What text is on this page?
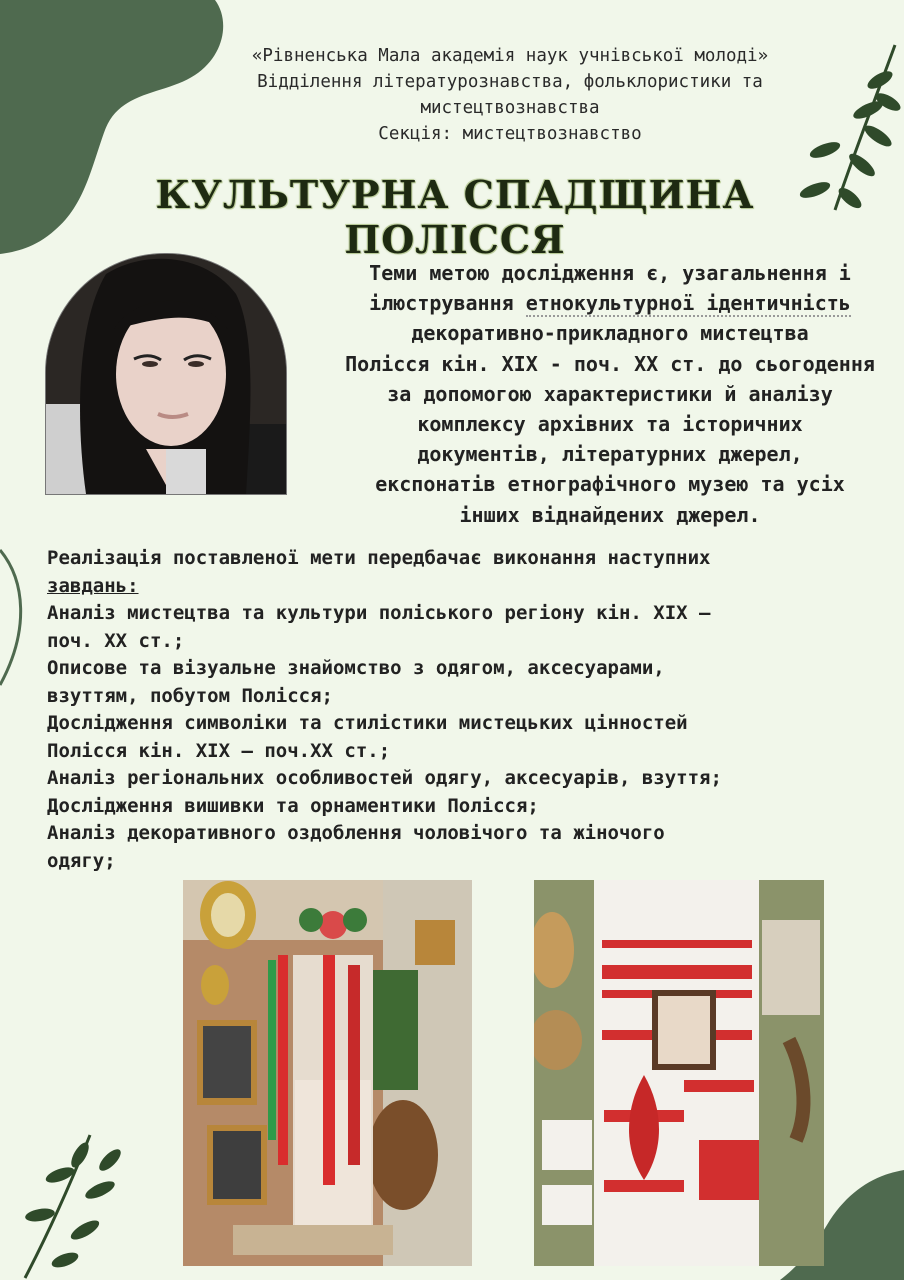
«Рівненська Мала академія наук учнівської молоді»
Відділення літературознавства, фольклористики та
мистецтвознавства
Секція: мистецтвознавство
КУЛЬТУРНА СПАДЩИНА ПОЛІССЯ
Теми метою дослідження є, узагальнення і
ілюстрування етнокультурної ідентичність
декоративно-прикладного мистецтва
Полісся кін. ХІХ - поч. ХХ ст. до сьогодення
за допомогою характеристики й аналізу
комплексу архівних та історичних
документів, літературних джерел,
експонатів етнографічного музею та усіх
інших віднайдених джерел.
Реалізація поставленої мети передбачає виконання наступних
завдань:
Аналіз мистецтва та культури поліського регіону кін. ХІХ –
поч. ХХ ст.;
Описове та візуальне знайомство з одягом, аксесуарами,
взуттям, побутом Полісся;
Дослідження символіки та стилістики мистецьких цінностей
Полісся кін. ХІХ – поч.ХХ ст.;
Аналіз регіональних особливостей одягу, аксесуарів, взуття;
Дослідження вишивки та орнаментики Полісся;
Аналіз декоративного оздоблення чоловічого та жіночого
одягу;
